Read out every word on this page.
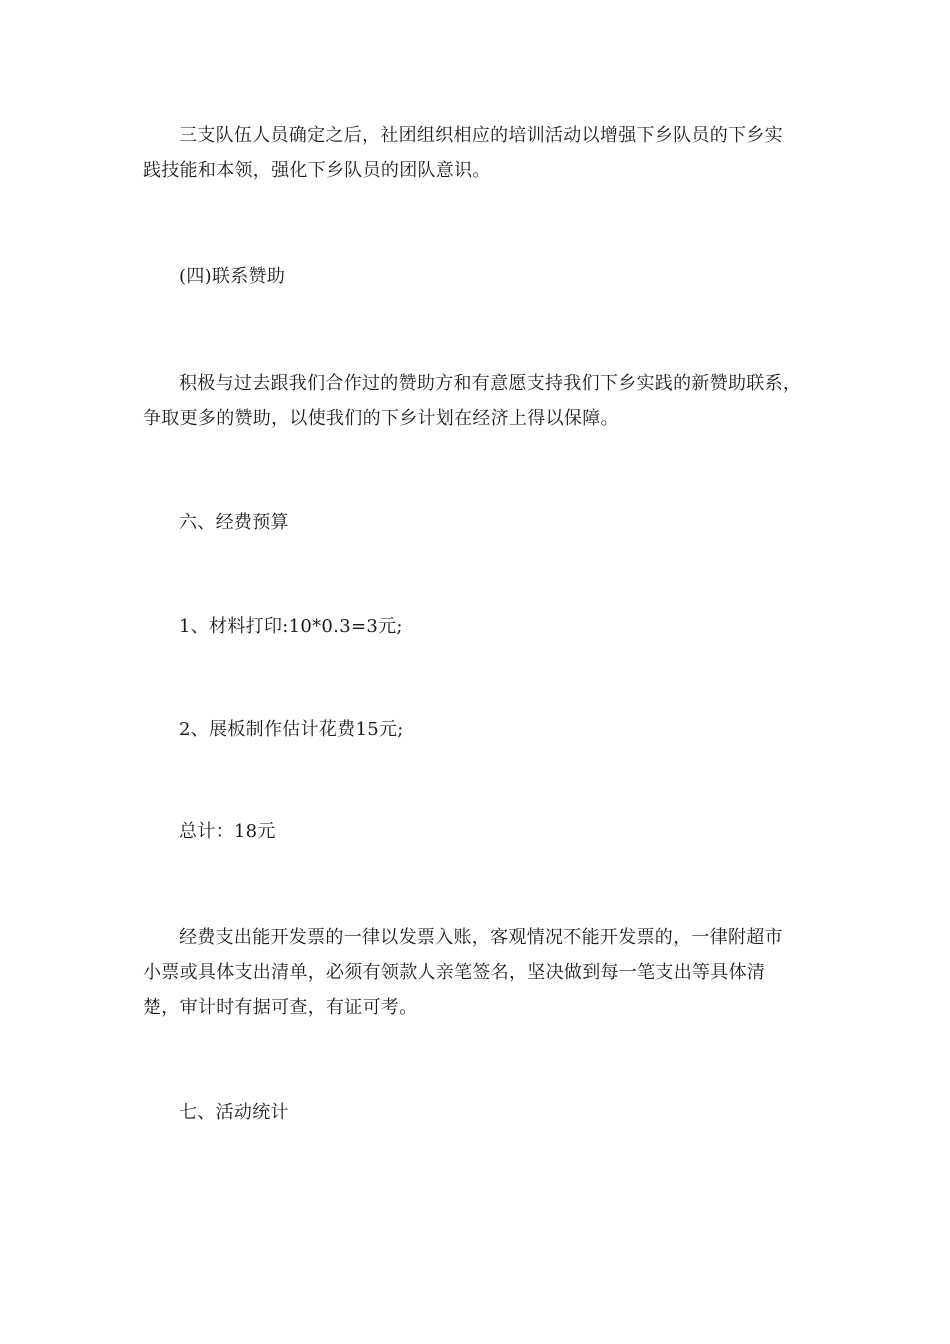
三支队伍人员确定之后，社团组织相应的培训活动以增强下乡队员的下乡实
践技能和本领，强化下乡队员的团队意识。

(四)联系赞助

积极与过去跟我们合作过的赞助方和有意愿支持我们下乡实践的新赞助联系，
争取更多的赞助，以使我们的下乡计划在经济上得以保障。

六、经费预算

1、材料打印:10*0.3=3元;

2、展板制作估计花费15元;

总计：18元

经费支出能开发票的一律以发票入账，客观情况不能开发票的，一律附超市
小票或具体支出清单，必须有领款人亲笔签名，坚决做到每一笔支出等具体清
楚，审计时有据可查，有证可考。

七、活动统计
